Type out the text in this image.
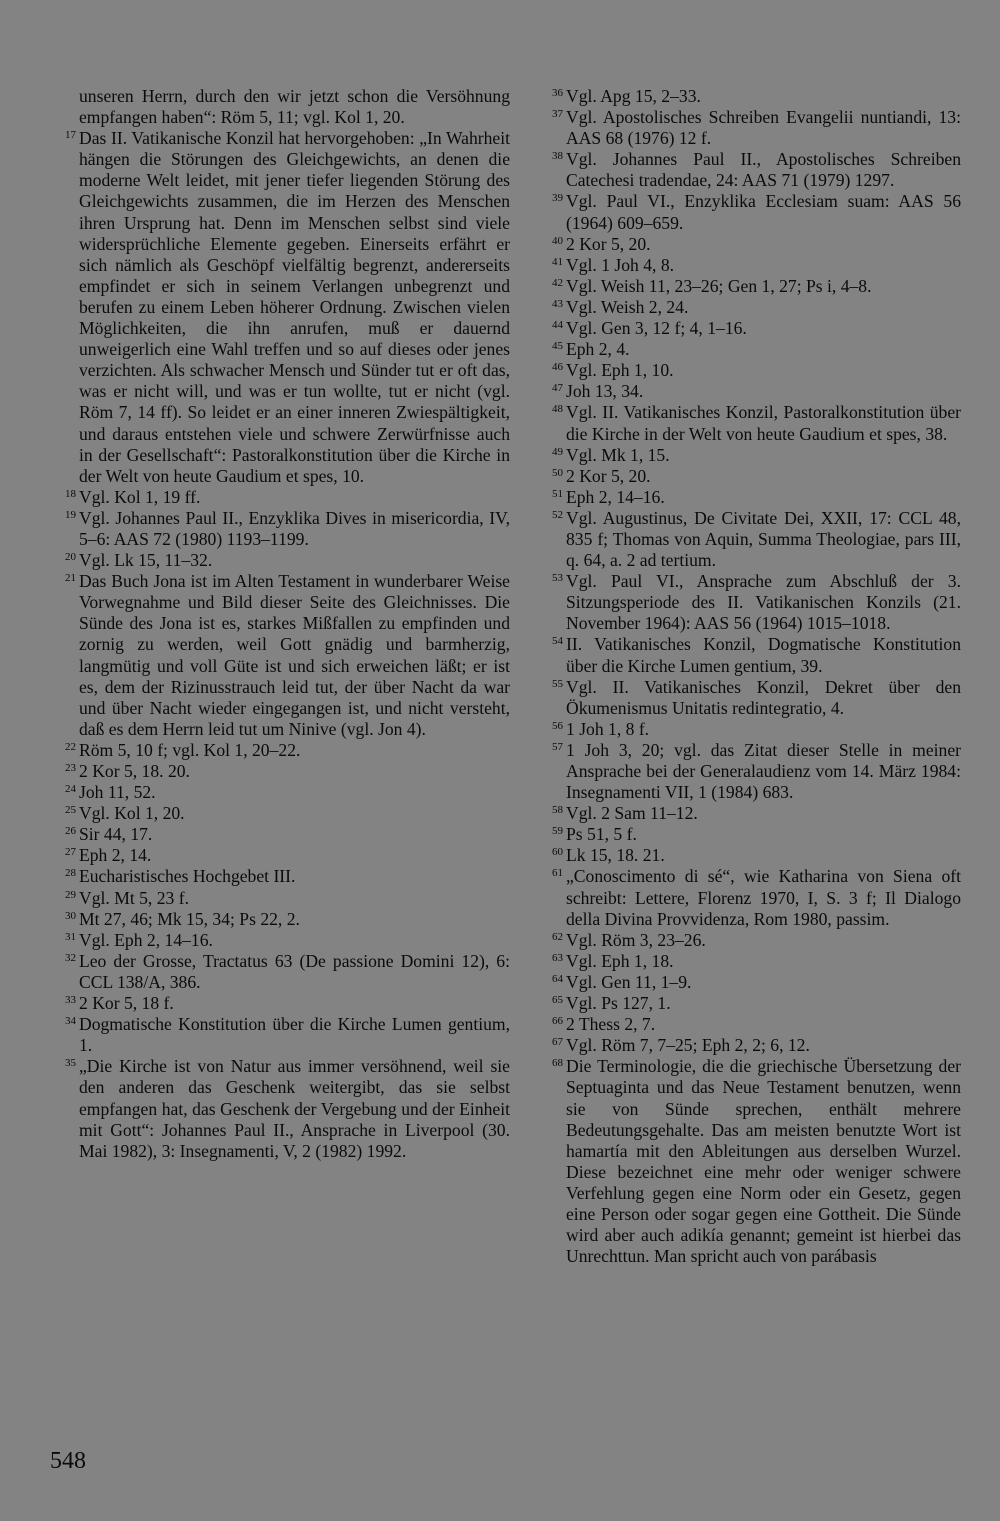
unseren Herrn, durch den wir jetzt schon die Versöhnung empfangen haben“: Röm 5, 11; vgl. Kol 1, 20.
17 Das II. Vatikanische Konzil hat hervorgehoben: „In Wahrheit hängen die Störungen des Gleichgewichts, an denen die moderne Welt leidet, mit jener tiefer liegenden Störung des Gleichgewichts zusammen, die im Herzen des Menschen ihren Ursprung hat. Denn im Menschen selbst sind viele widersprüchliche Elemente gegeben. Einerseits erfährt er sich nämlich als Geschöpf vielfältig begrenzt, andererseits empfindet er sich in seinem Verlangen unbegrenzt und berufen zu einem Leben höherer Ordnung. Zwischen vielen Möglichkeiten, die ihn anrufen, muß er dauernd unweigerlich eine Wahl treffen und so auf dieses oder jenes verzichten. Als schwacher Mensch und Sünder tut er oft das, was er nicht will, und was er tun wollte, tut er nicht (vgl. Röm 7, 14 ff). So leidet er an einer inneren Zwiespältigkeit, und daraus entstehen viele und schwere Zerwürfnisse auch in der Gesellschaft“: Pastoralkonstitution über die Kirche in der Welt von heute Gaudium et spes, 10.
18 Vgl. Kol 1, 19 ff.
19 Vgl. Johannes Paul II., Enzyklika Dives in misericordia, IV, 5–6: AAS 72 (1980) 1193–1199.
20 Vgl. Lk 15, 11–32.
21 Das Buch Jona ist im Alten Testament in wunderbarer Weise Vorwegnahme und Bild dieser Seite des Gleichnisses. Die Sünde des Jona ist es, starkes Mißfallen zu empfinden und zornig zu werden, weil Gott gnädig und barmherzig, langmütig und voll Güte ist und sich erweichen läßt; er ist es, dem der Rizinusstrauch leid tut, der über Nacht da war und über Nacht wieder eingegangen ist, und nicht versteht, daß es dem Herrn leid tut um Ninive (vgl. Jon 4).
22 Röm 5, 10 f; vgl. Kol 1, 20–22.
23 2 Kor 5, 18. 20.
24 Joh 11, 52.
25 Vgl. Kol 1, 20.
26 Sir 44, 17.
27 Eph 2, 14.
28 Eucharistisches Hochgebet III.
29 Vgl. Mt 5, 23 f.
30 Mt 27, 46; Mk 15, 34; Ps 22, 2.
31 Vgl. Eph 2, 14–16.
32 Leo der Grosse, Tractatus 63 (De passione Domini 12), 6: CCL 138/A, 386.
33 2 Kor 5, 18 f.
34 Dogmatische Konstitution über die Kirche Lumen gentium, 1.
35 „Die Kirche ist von Natur aus immer versöhnend, weil sie den anderen das Geschenk weitergibt, das sie selbst empfangen hat, das Geschenk der Vergebung und der Einheit mit Gott“: Johannes Paul II., Ansprache in Liverpool (30. Mai 1982), 3: Insegnamenti, V, 2 (1982) 1992.
36 Vgl. Apg 15, 2–33.
37 Vgl. Apostolisches Schreiben Evangelii nuntiandi, 13: AAS 68 (1976) 12 f.
38 Vgl. Johannes Paul II., Apostolisches Schreiben Catechesi tradendae, 24: AAS 71 (1979) 1297.
39 Vgl. Paul VI., Enzyklika Ecclesiam suam: AAS 56 (1964) 609–659.
40 2 Kor 5, 20.
41 Vgl. 1 Joh 4, 8.
42 Vgl. Weish 11, 23–26; Gen 1, 27; Ps i, 4–8.
43 Vgl. Weish 2, 24.
44 Vgl. Gen 3, 12 f; 4, 1–16.
45 Eph 2, 4.
46 Vgl. Eph 1, 10.
47 Joh 13, 34.
48 Vgl. II. Vatikanisches Konzil, Pastoralkonstitution über die Kirche in der Welt von heute Gaudium et spes, 38.
49 Vgl. Mk 1, 15.
50 2 Kor 5, 20.
51 Eph 2, 14–16.
52 Vgl. Augustinus, De Civitate Dei, XXII, 17: CCL 48, 835 f; Thomas von Aquin, Summa Theologiae, pars III, q. 64, a. 2 ad tertium.
53 Vgl. Paul VI., Ansprache zum Abschluß der 3. Sitzungsperiode des II. Vatikanischen Konzils (21. November 1964): AAS 56 (1964) 1015–1018.
54 II. Vatikanisches Konzil, Dogmatische Konstitution über die Kirche Lumen gentium, 39.
55 Vgl. II. Vatikanisches Konzil, Dekret über den Ökumenismus Unitatis redintegratio, 4.
56 1 Joh 1, 8 f.
57 1 Joh 3, 20; vgl. das Zitat dieser Stelle in meiner Ansprache bei der Generalaudienz vom 14. März 1984: Insegnamenti VII, 1 (1984) 683.
58 Vgl. 2 Sam 11–12.
59 Ps 51, 5 f.
60 Lk 15, 18. 21.
61 „Conoscimento di sé“, wie Katharina von Siena oft schreibt: Lettere, Florenz 1970, I, S. 3 f; Il Dialogo della Divina Provvidenza, Rom 1980, passim.
62 Vgl. Röm 3, 23–26.
63 Vgl. Eph 1, 18.
64 Vgl. Gen 11, 1–9.
65 Vgl. Ps 127, 1.
66 2 Thess 2, 7.
67 Vgl. Röm 7, 7–25; Eph 2, 2; 6, 12.
68 Die Terminologie, die die griechische Übersetzung der Septuaginta und das Neue Testament benutzen, wenn sie von Sünde sprechen, enthält mehrere Bedeutungsgehalte. Das am meisten benutzte Wort ist hamartía mit den Ableitungen aus derselben Wurzel. Diese bezeichnet eine mehr oder weniger schwere Verfehlung gegen eine Norm oder ein Gesetz, gegen eine Person oder sogar gegen eine Gottheit. Die Sünde wird aber auch adikía genannt; gemeint ist hierbei das Unrechttun. Man spricht auch von parábasis
548
